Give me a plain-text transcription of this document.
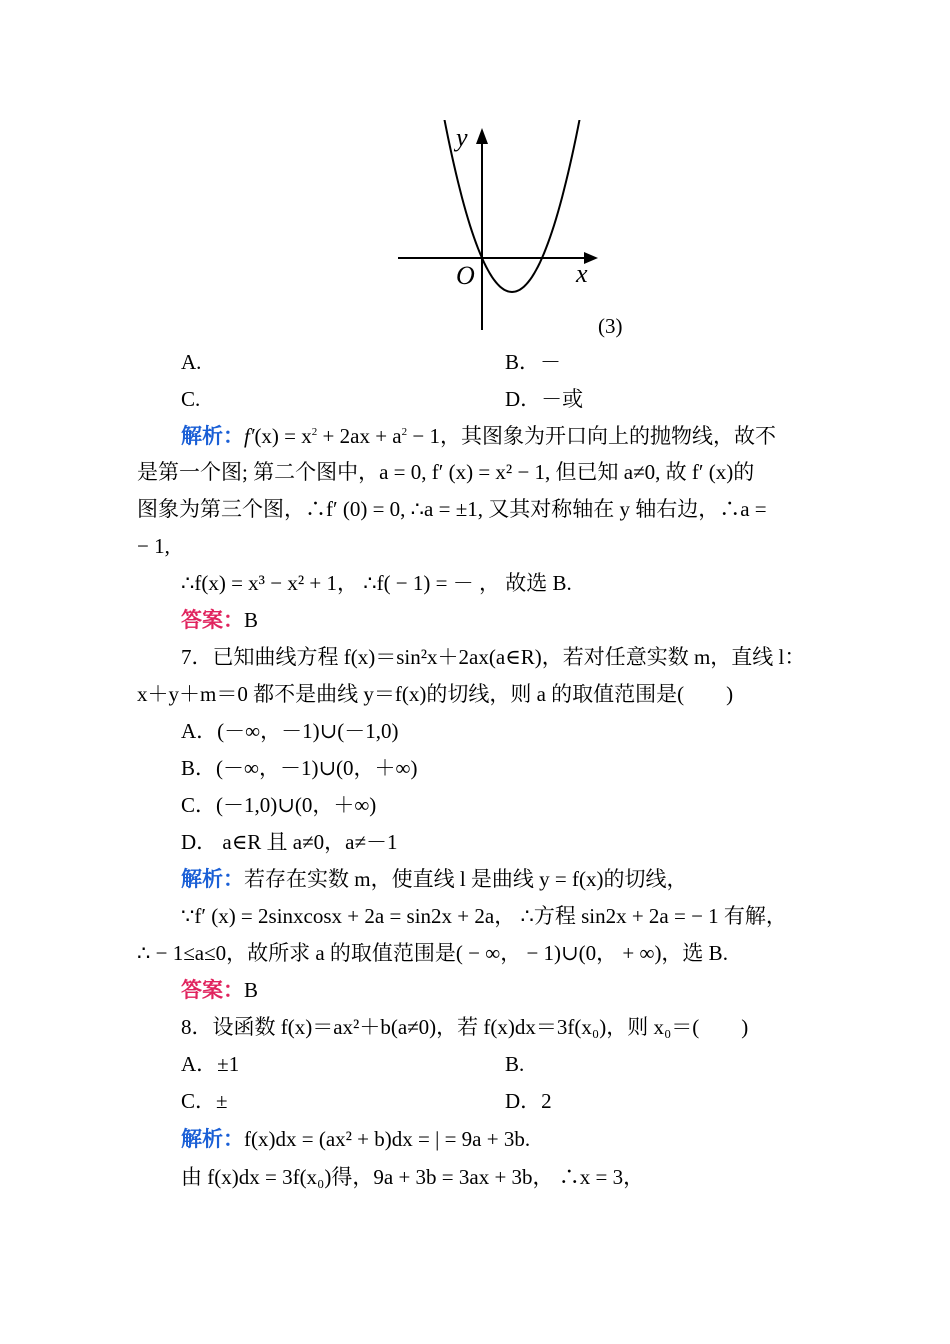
y
x
O
(3)
A.	B．－
C.	D．－或
解析：$f'(x) = x^2 + 2ax + a^2 - 1$，其图象为开口向上的抛物线，故不
是第一个图; 第二个图中，a = 0, f′ (x) = x² − 1, 但已知 a≠0, 故 f′ (x)的
图象为第三个图，∴f′ (0) = 0, ∴a = ±1, 又其对称轴在 y 轴右边，∴a =
− 1,
∴f(x) = x³ − x² + 1， ∴f( − 1) = － ， 故选 B.
答案：B
7．已知曲线方程 f(x)＝sin²x＋2ax(a∈R)，若对任意实数 m，直线 l：
x＋y＋m＝0 都不是曲线 y＝f(x)的切线，则 a 的取值范围是(　　)
A．(－∞，－1)∪(－1,0)
B．(－∞，－1)∪(0，＋∞)
C．(－1,0)∪(0，＋∞)
D． a∈R 且 a≠0，a≠－1
解析：若存在实数 m，使直线 l 是曲线 y = f(x)的切线，
∵f′ (x) = 2sinxcosx + 2a = sin2x + 2a， ∴方程 sin2x + 2a = − 1 有解，
∴ − 1≤a≤0，故所求 a 的取值范围是( − ∞， − 1)∪(0， + ∞)，选 B.
答案：B
8．设函数 f(x)＝ax²＋b(a≠0)，若 f(x)dx＝3f(x₀)，则 x₀＝(　　)
A．±1	B.
C．±	D．2
解析：f(x)dx = (ax² + b)dx = | = 9a + 3b.
由 f(x)dx = 3f(x₀)得，9a + 3b = 3ax + 3b， ∴x = 3，
